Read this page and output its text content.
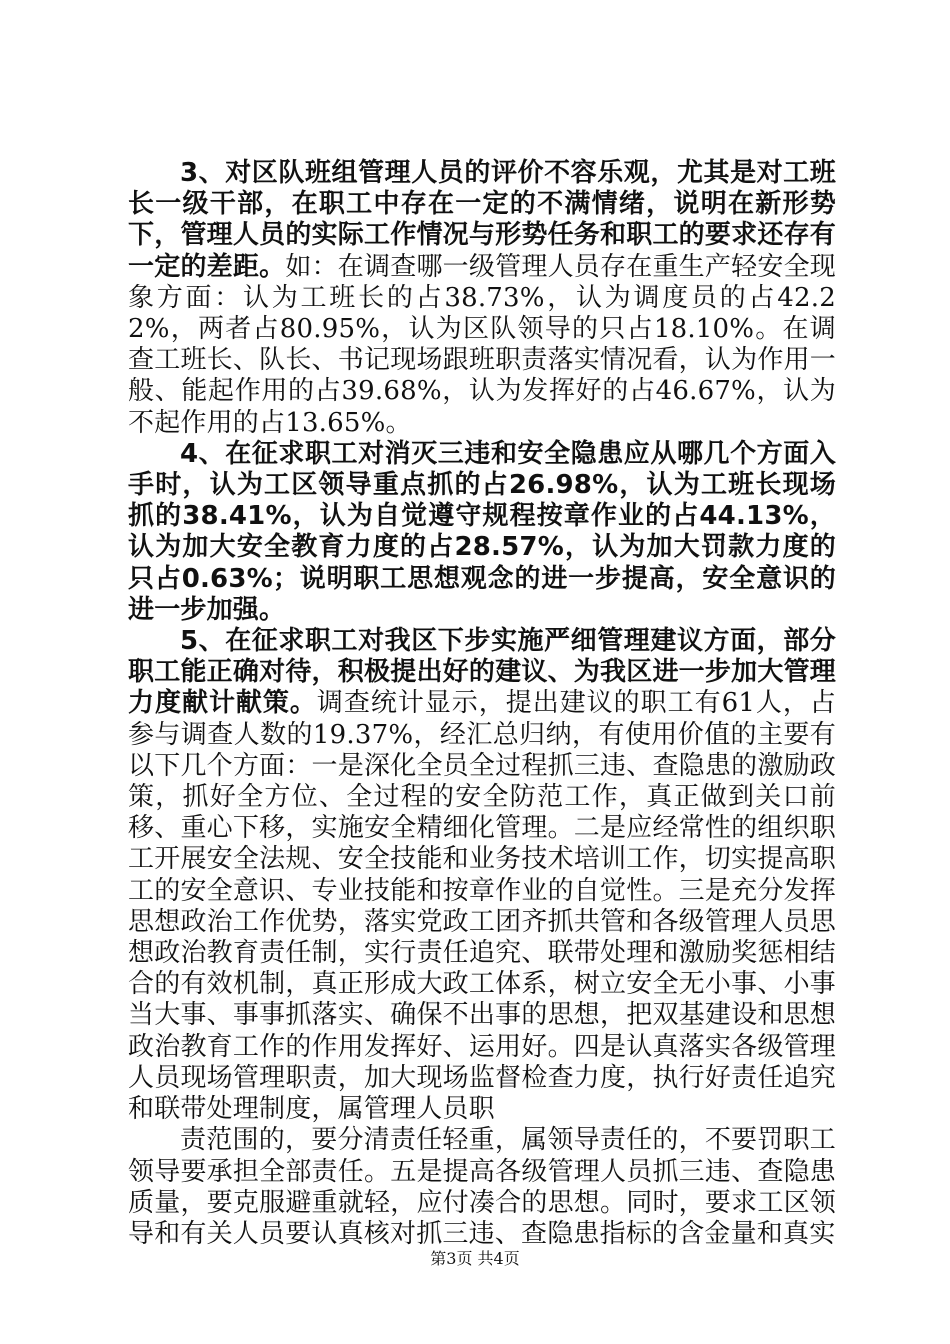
3、对区队班组管理人员的评价不容乐观，尤其是对工班长一级干部，在职工中存在一定的不满情绪，说明在新形势下，管理人员的实际工作情况与形势任务和职工的要求还存有一定的差距。如：在调查哪一级管理人员存在重生产轻安全现象方面：认为工班长的占38.73%，认为调度员的占42.22%，两者占80.95%，认为区队领导的只占18.10%。在调查工班长、队长、书记现场跟班职责落实情况看，认为作用一般、能起作用的占39.68%，认为发挥好的占46.67%，认为不起作用的占13.65%。

4、在征求职工对消灭三违和安全隐患应从哪几个方面入手时，认为工区领导重点抓的占26.98%，认为工班长现场抓的38.41%，认为自觉遵守规程按章作业的占44.13%，认为加大安全教育力度的占28.57%，认为加大罚款力度的只占0.63%；说明职工思想观念的进一步提高，安全意识的进一步加强。

5、在征求职工对我区下步实施严细管理建议方面，部分职工能正确对待，积极提出好的建议、为我区进一步加大管理力度献计献策。调查统计显示，提出建议的职工有61人，占参与调查人数的19.37%，经汇总归纳，有使用价值的主要有以下几个方面：一是深化全员全过程抓三违、查隐患的激励政策，抓好全方位、全过程的安全防范工作，真正做到关口前移、重心下移，实施安全精细化管理。二是应经常性的组织职工开展安全法规、安全技能和业务技术培训工作，切实提高职工的安全意识、专业技能和按章作业的自觉性。三是充分发挥思想政治工作优势，落实党政工团齐抓共管和各级管理人员思想政治教育责任制，实行责任追究、联带处理和激励奖惩相结合的有效机制，真正形成大政工体系，树立安全无小事、小事当大事、事事抓落实、确保不出事的思想，把双基建设和思想政治教育工作的作用发挥好、运用好。四是认真落实各级管理人员现场管理职责，加大现场监督检查力度，执行好责任追究和联带处理制度，属管理人员职

责范围的，要分清责任轻重，属领导责任的，不要罚职工领导要承担全部责任。五是提高各级管理人员抓三违、查隐患质量，要克服避重就轻，应付凑合的思想。同时，要求工区领导和有关人员要认真核对抓三违、查隐患指标的含金量和真实

第3页 共4页
